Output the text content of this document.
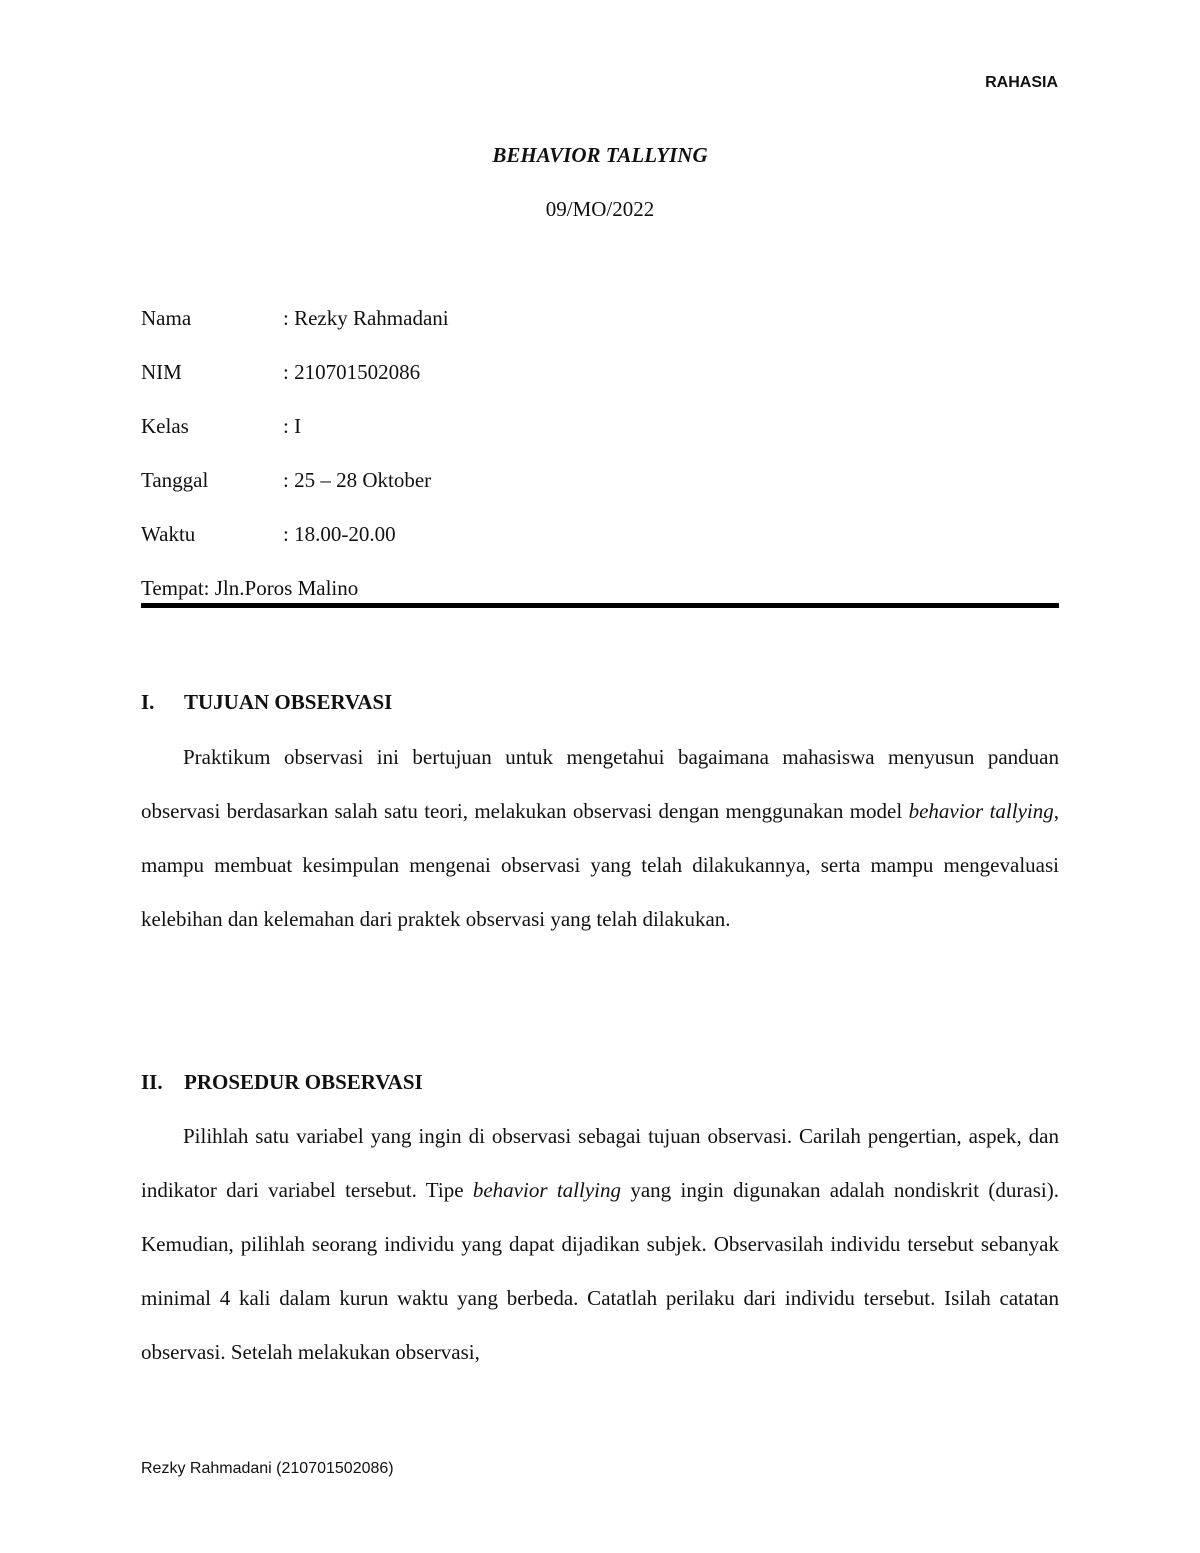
RAHASIA
BEHAVIOR TALLYING
09/MO/2022
Nama	: Rezky Rahmadani
NIM	: 210701502086
Kelas	: I
Tanggal	: 25 – 28 Oktober
Waktu	: 18.00-20.00
Tempat: Jln.Poros Malino
I. TUJUAN OBSERVASI

Praktikum observasi ini bertujuan untuk mengetahui bagaimana mahasiswa menyusun panduan observasi berdasarkan salah satu teori, melakukan observasi dengan menggunakan model behavior tallying, mampu membuat kesimpulan mengenai observasi yang telah dilakukannya, serta mampu mengevaluasi kelebihan dan kelemahan dari praktek observasi yang telah dilakukan.

II. PROSEDUR OBSERVASI

Pilihlah satu variabel yang ingin di observasi sebagai tujuan observasi. Carilah pengertian, aspek, dan indikator dari variabel tersebut. Tipe behavior tallying yang ingin digunakan adalah nondiskrit (durasi). Kemudian, pilihlah seorang individu yang dapat dijadikan subjek. Observasilah individu tersebut sebanyak minimal 4 kali dalam kurun waktu yang berbeda. Catatlah perilaku dari individu tersebut. Isilah catatan observasi. Setelah melakukan observasi,

Rezky Rahmadani (210701502086)
